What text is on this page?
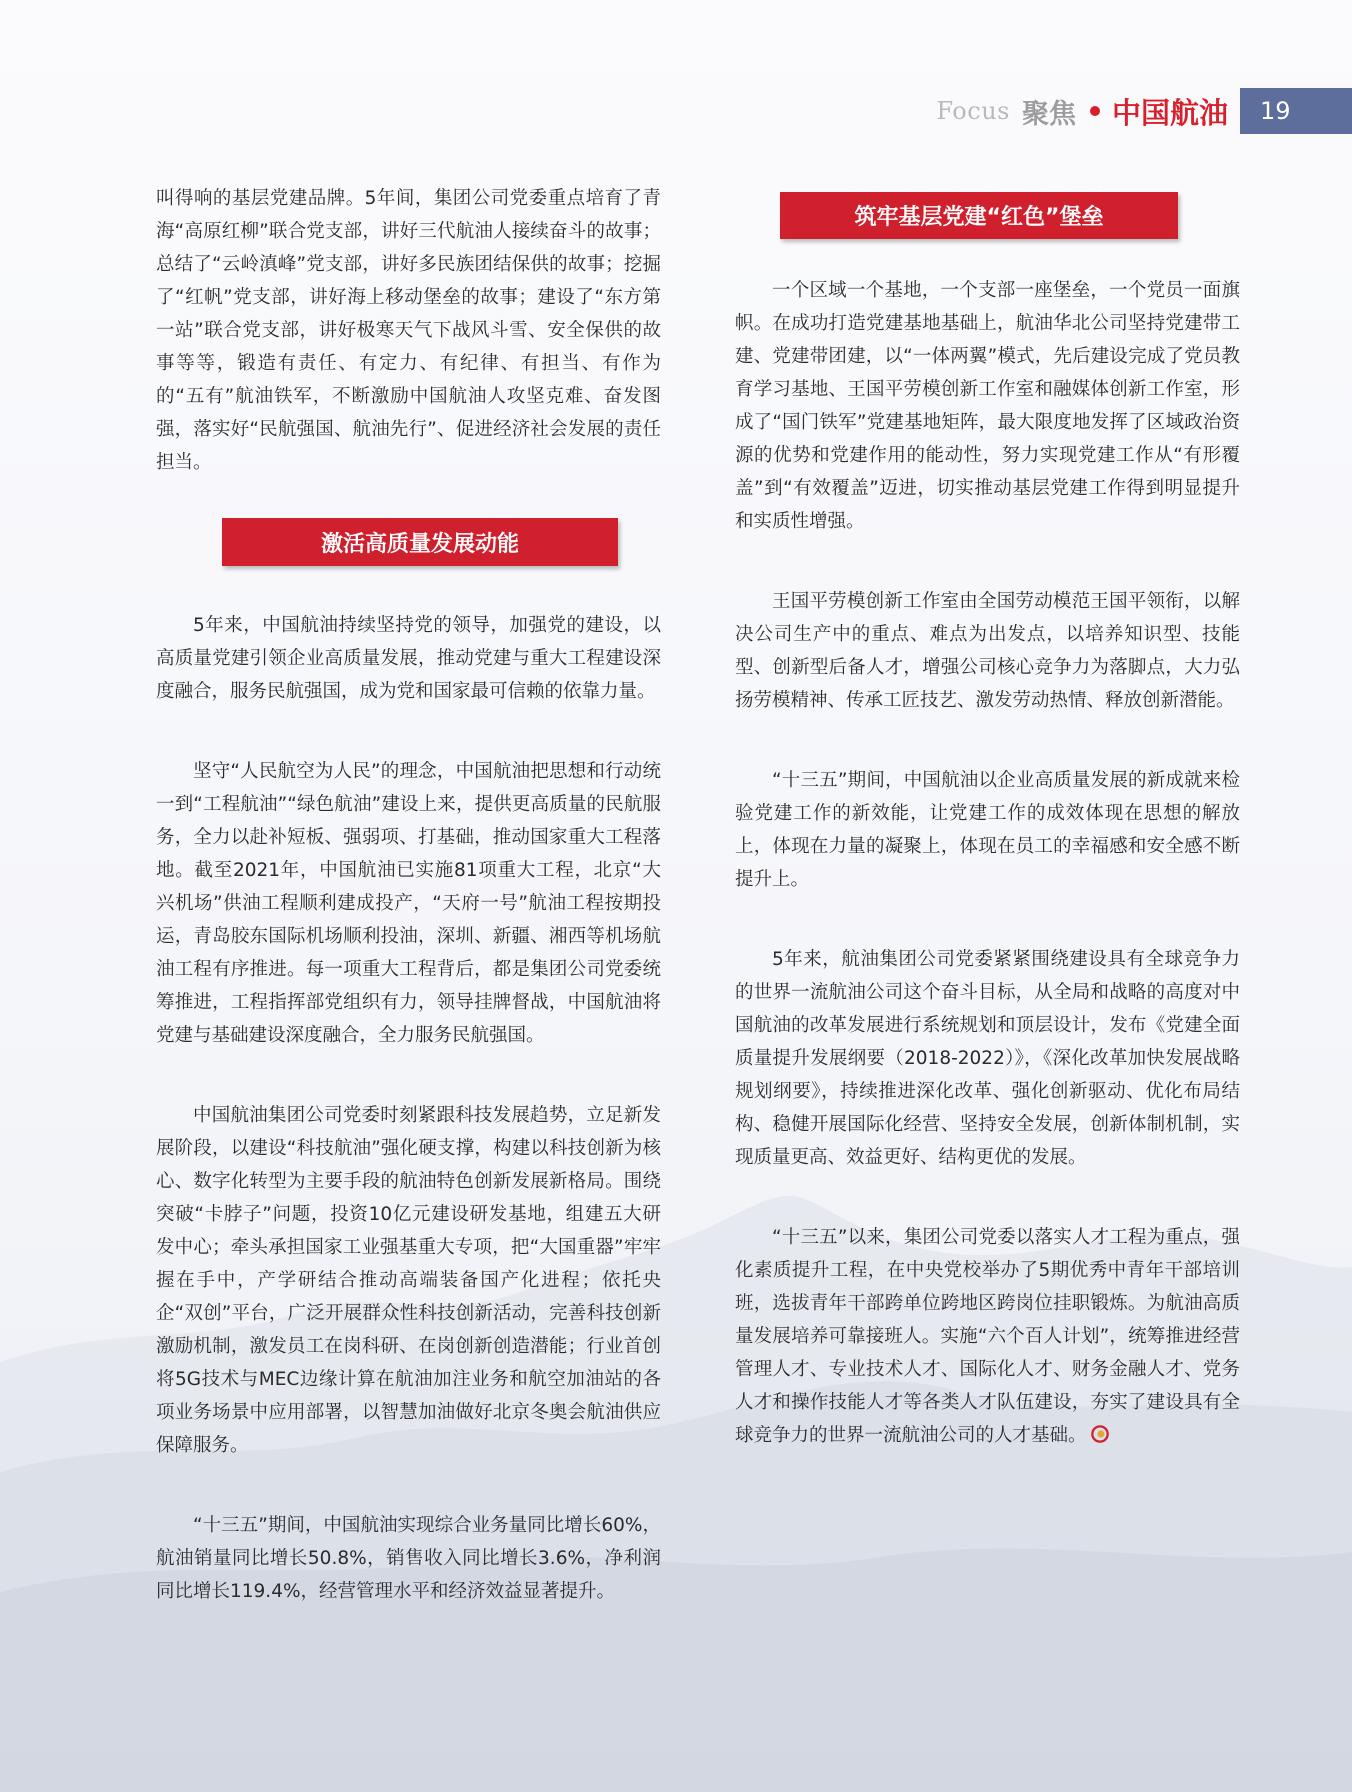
Focus 聚焦 中国航油	19
筑牢基层党建“红色”堡垒
激活高质量发展动能

叫得响的基层党建品牌。5年间，集团公司党委重点培育了青海“高原红柳”联合党支部，讲好三代航油人接续奋斗的故事；总结了“云岭滇峰”党支部，讲好多民族团结保供的故事；挖掘了“红帆”党支部，讲好海上移动堡垒的故事；建设了“东方第一站”联合党支部，讲好极寒天气下战风斗雪、安全保供的故事等等，锻造有责任、有定力、有纪律、有担当、有作为的“五有”航油铁军，不断激励中国航油人攻坚克难、奋发图强，落实好“民航强国、航油先行”、促进经济社会发展的责任担当。

5年来，中国航油持续坚持党的领导，加强党的建设，以高质量党建引领企业高质量发展，推动党建与重大工程建设深度融合，服务民航强国，成为党和国家最可信赖的依靠力量。

坚守“人民航空为人民”的理念，中国航油把思想和行动统一到“工程航油”“绿色航油”建设上来，提供更高质量的民航服务，全力以赴补短板、强弱项、打基础，推动国家重大工程落地。截至2021年，中国航油已实施81项重大工程，北京“大兴机场”供油工程顺利建成投产，“天府一号”航油工程按期投运，青岛胶东国际机场顺利投油，深圳、新疆、湘西等机场航油工程有序推进。每一项重大工程背后，都是集团公司党委统筹推进，工程指挥部党组织有力，领导挂牌督战，中国航油将党建与基础建设深度融合，全力服务民航强国。

中国航油集团公司党委时刻紧跟科技发展趋势，立足新发展阶段，以建设“科技航油”强化硬支撑，构建以科技创新为核心、数字化转型为主要手段的航油特色创新发展新格局。围绕突破“卡脖子”问题，投资10亿元建设研发基地，组建五大研发中心；牵头承担国家工业强基重大专项，把“大国重器”牢牢握在手中，产学研结合推动高端装备国产化进程；依托央企“双创”平台，广泛开展群众性科技创新活动，完善科技创新激励机制，激发员工在岗科研、在岗创新创造潜能；行业首创将5G技术与MEC边缘计算在航油加注业务和航空加油站的各项业务场景中应用部署，以智慧加油做好北京冬奥会航油供应保障服务。

“十三五”期间，中国航油实现综合业务量同比增长60%，航油销量同比增长50.8%，销售收入同比增长3.6%，净利润同比增长119.4%，经营管理水平和经济效益显著提升。

一个区域一个基地，一个支部一座堡垒，一个党员一面旗帜。在成功打造党建基地基础上，航油华北公司坚持党建带工建、党建带团建，以“一体两翼”模式，先后建设完成了党员教育学习基地、王国平劳模创新工作室和融媒体创新工作室，形成了“国门铁军”党建基地矩阵，最大限度地发挥了区域政治资源的优势和党建作用的能动性，努力实现党建工作从“有形覆盖”到“有效覆盖”迈进，切实推动基层党建工作得到明显提升和实质性增强。

王国平劳模创新工作室由全国劳动模范王国平领衔，以解决公司生产中的重点、难点为出发点，以培养知识型、技能型、创新型后备人才，增强公司核心竞争力为落脚点，大力弘扬劳模精神、传承工匠技艺、激发劳动热情、释放创新潜能。

“十三五”期间，中国航油以企业高质量发展的新成就来检验党建工作的新效能，让党建工作的成效体现在思想的解放上，体现在力量的凝聚上，体现在员工的幸福感和安全感不断提升上。

5年来，航油集团公司党委紧紧围绕建设具有全球竞争力的世界一流航油公司这个奋斗目标，从全局和战略的高度对中国航油的改革发展进行系统规划和顶层设计，发布《党建全面质量提升发展纲要（2018-2022）》，《深化改革加快发展战略规划纲要》，持续推进深化改革、强化创新驱动、优化布局结构、稳健开展国际化经营、坚持安全发展，创新体制机制，实现质量更高、效益更好、结构更优的发展。

“十三五”以来，集团公司党委以落实人才工程为重点，强化素质提升工程，在中央党校举办了5期优秀中青年干部培训班，选拔青年干部跨单位跨地区跨岗位挂职锻炼。为航油高质量发展培养可靠接班人。实施“六个百人计划”，统筹推进经营管理人才、专业技术人才、国际化人才、财务金融人才、党务人才和操作技能人才等各类人才队伍建设，夯实了建设具有全球竞争力的世界一流航油公司的人才基础。
